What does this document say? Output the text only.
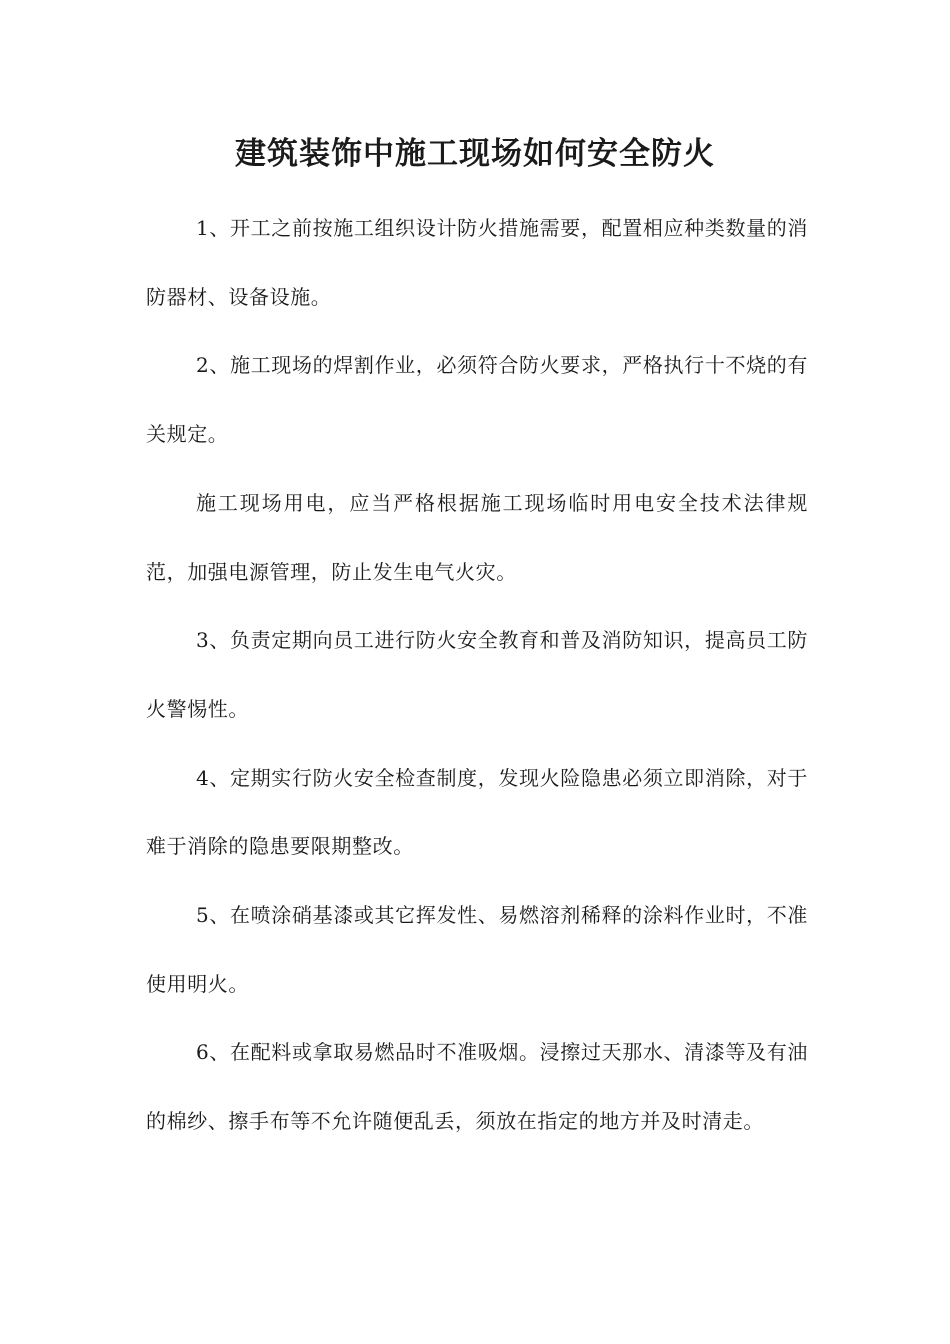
建筑装饰中施工现场如何安全防火

1、开工之前按施工组织设计防火措施需要，配置相应种类数量的消防器材、设备设施。

2、施工现场的焊割作业，必须符合防火要求，严格执行十不烧的有关规定。

施工现场用电，应当严格根据施工现场临时用电安全技术法律规范，加强电源管理，防止发生电气火灾。

3、负责定期向员工进行防火安全教育和普及消防知识，提高员工防火警惕性。

4、定期实行防火安全检查制度，发现火险隐患必须立即消除，对于难于消除的隐患要限期整改。

5、在喷涂硝基漆或其它挥发性、易燃溶剂稀释的涂料作业时，不准使用明火。

6、在配料或拿取易燃品时不准吸烟。浸擦过天那水、清漆等及有油的棉纱、擦手布等不允许随便乱丢，须放在指定的地方并及时清走。
